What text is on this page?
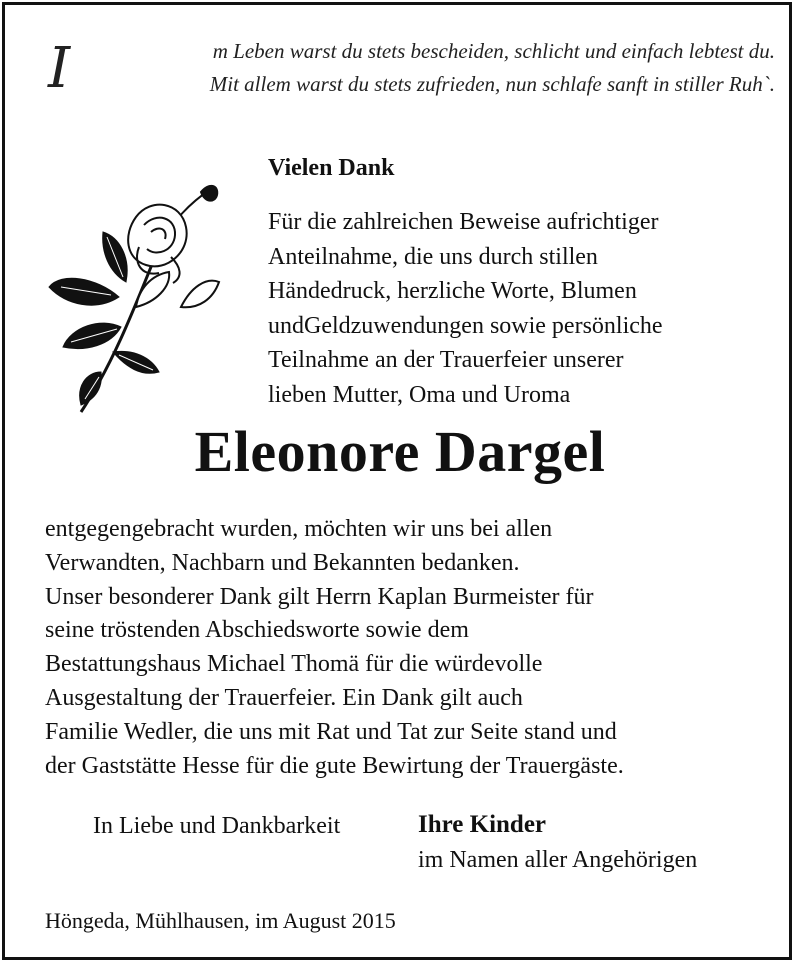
I	m Leben warst du stets bescheiden, schlicht und einfach lebtest du.
Mit allem warst du stets zufrieden, nun schlafe sanft in stiller Ruh`.
Vielen Dank
Für die zahlreichen Beweise aufrichtiger
Anteilnahme, die uns durch stillen
Händedruck, herzliche Worte, Blumen
undGeldzuwendungen sowie persönliche
Teilnahme an der Trauerfeier unserer
lieben Mutter, Oma und Uroma
Eleonore Dargel
entgegengebracht wurden, möchten wir uns bei allen
Verwandten, Nachbarn und Bekannten bedanken.
Unser besonderer Dank gilt Herrn Kaplan Burmeister für
seine tröstenden Abschiedsworte sowie dem
Bestattungshaus Michael Thomä für die würdevolle
Ausgestaltung der Trauerfeier. Ein Dank gilt auch
Familie Wedler, die uns mit Rat und Tat zur Seite stand und
der Gaststätte Hesse für die gute Bewirtung der Trauergäste.
In Liebe und Dankbarkeit	Ihre Kinder
im Namen aller Angehörigen
Höngeda, Mühlhausen, im August 2015
